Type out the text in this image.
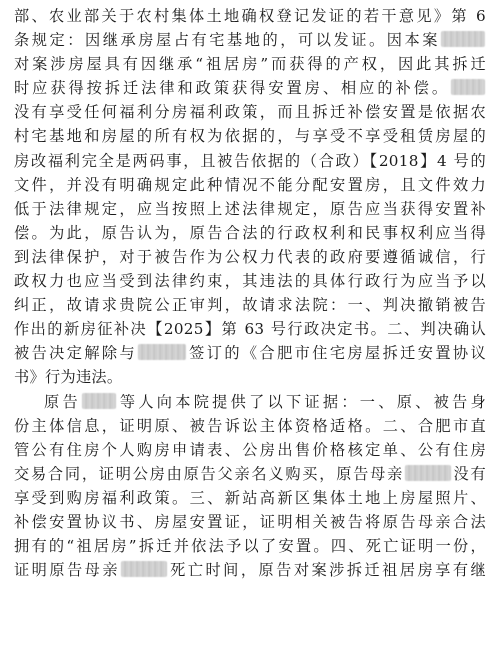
部、农业部关于农村集体土地确权登记发证的若干意见》第 6
条规定：因继承房屋占有宅基地的，可以发证。因本案
对案涉房屋具有因继承“祖居房”而获得的产权，因此其拆迁
时应获得按拆迁法律和政策获得安置房、相应的补偿。
没有享受任何福利分房福利政策，而且拆迁补偿安置是依据农
村宅基地和房屋的所有权为依据的，与享受不享受租赁房屋的
房改福利完全是两码事，且被告依据的（合政）【2018】4 号的
文件，并没有明确规定此种情况不能分配安置房，且文件效力
低于法律规定，应当按照上述法律规定，原告应当获得安置补
偿。为此，原告认为，原告合法的行政权利和民事权利应当得
到法律保护，对于被告作为公权力代表的政府要遵循诚信，行
政权力也应当受到法律约束，其违法的具体行政行为应当予以
纠正，故请求贵院公正审判，故请求法院：一、判决撤销被告
作出的新房征补决【2025】第 63 号行政决定书。二、判决确认
被告决定解除与	签订的《合肥市住宅房屋拆迁安置协议
书》行为违法。
原告 等人向本院提供了以下证据：一、原、被告身
份主体信息，证明原、被告诉讼主体资格适格。二、合肥市直
管公有住房个人购房申请表、公房出售价格核定单、公有住房
交易合同，证明公房由原告父亲名义购买，原告母亲	没有
享受到购房福利政策。三、新站高新区集体土地上房屋照片、
补偿安置协议书、房屋安置证，证明相关被告将原告母亲合法
拥有的“祖居房”拆迁并依法予以了安置。四、死亡证明一份，
证明原告母亲	死亡时间，原告对案涉拆迁祖居房享有继
